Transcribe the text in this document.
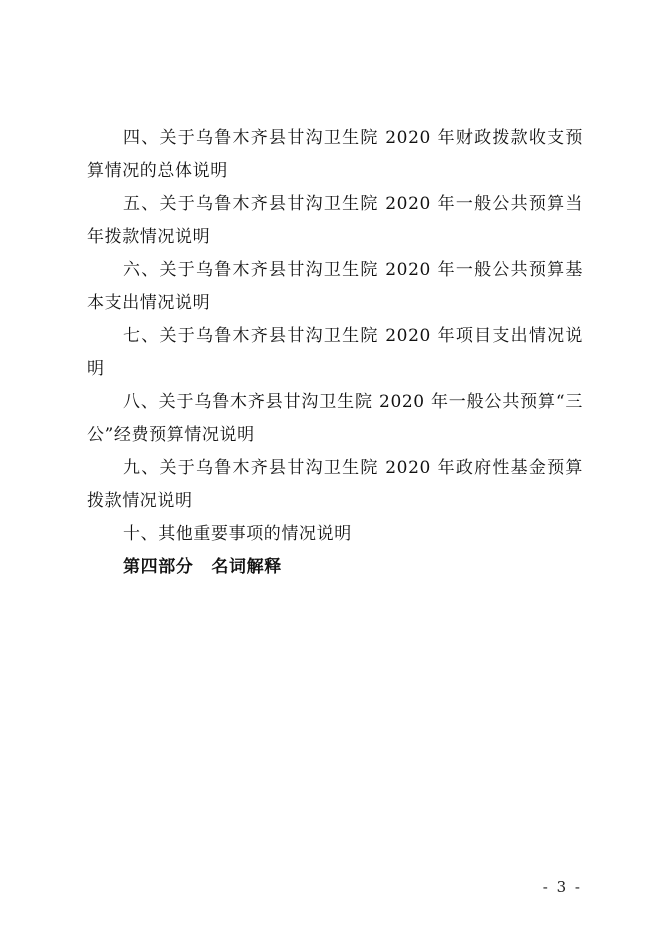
四、关于乌鲁木齐县甘沟卫生院 2020 年财政拨款收支预算情况的总体说明

五、关于乌鲁木齐县甘沟卫生院 2020 年一般公共预算当年拨款情况说明

六、关于乌鲁木齐县甘沟卫生院 2020 年一般公共预算基本支出情况说明

七、关于乌鲁木齐县甘沟卫生院 2020 年项目支出情况说明

八、关于乌鲁木齐县甘沟卫生院 2020 年一般公共预算“三公”经费预算情况说明

九、关于乌鲁木齐县甘沟卫生院 2020 年政府性基金预算拨款情况说明

十、其他重要事项的情况说明

第四部分 名词解释

- 3 -
